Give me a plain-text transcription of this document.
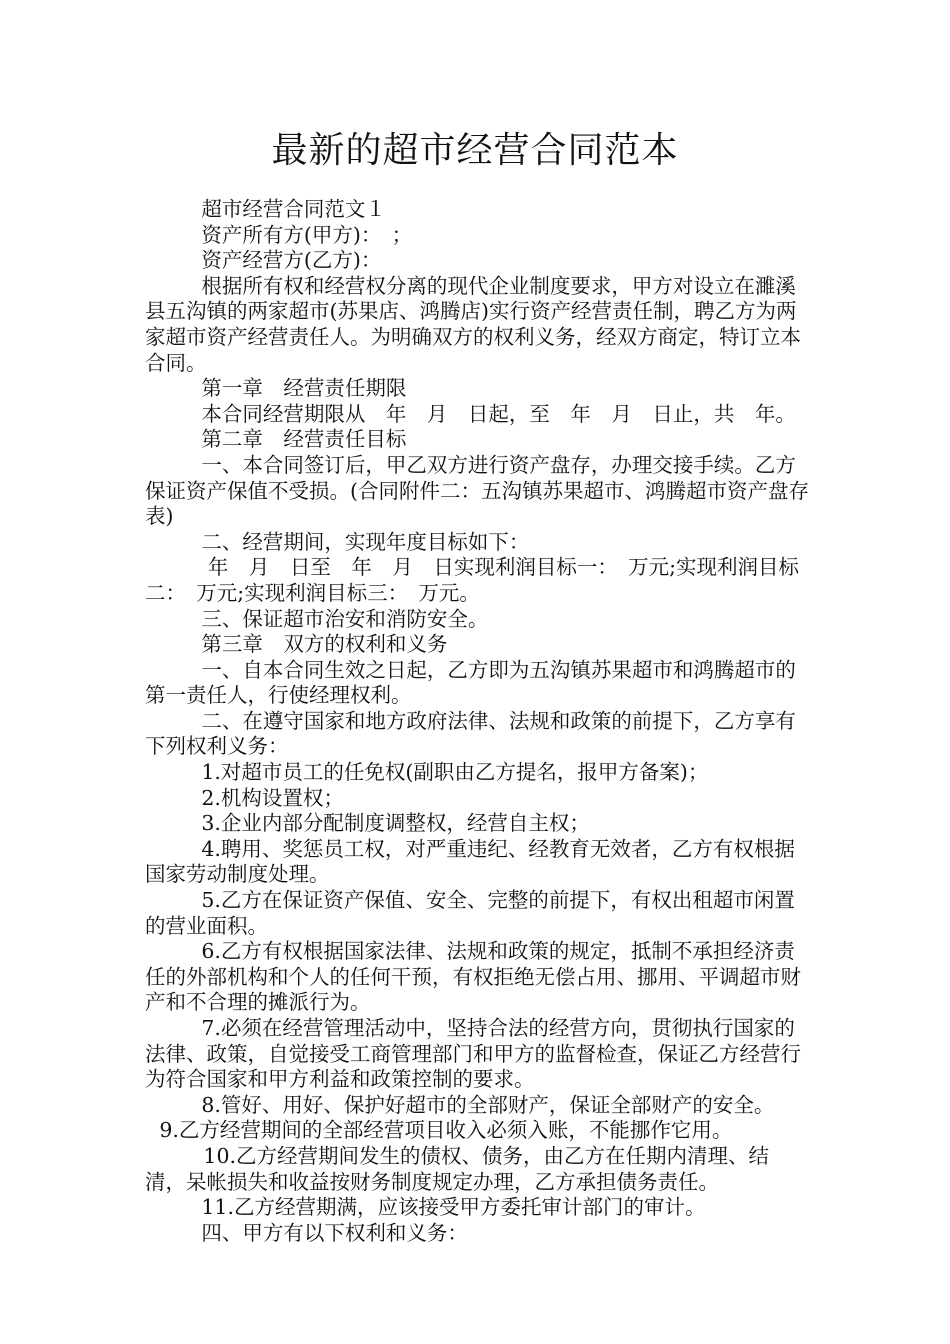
最新的超市经营合同范本

超市经营合同范文１

资产所有方(甲方)：　；

资产经营方(乙方)：

根据所有权和经营权分离的现代企业制度要求，甲方对设立在濉溪县五沟镇的两家超市(苏果店、鸿腾店)实行资产经营责任制，聘乙方为两家超市资产经营责任人。为明确双方的权利义务，经双方商定，特订立本合同。

第一章　经营责任期限

本合同经营期限从　年　月　日起，至　年　月　日止，共　年。

第二章　经营责任目标

一、本合同签订后，甲乙双方进行资产盘存，办理交接手续。乙方保证资产保值不受损。(合同附件二：五沟镇苏果超市、鸿腾超市资产盘存表)

二、经营期间，实现年度目标如下：

年　月　日至　年　月　日实现利润目标一：　万元;实现利润目标二：　万元;实现利润目标三：　万元。

三、保证超市治安和消防安全。

第三章　双方的权利和义务

一、自本合同生效之日起，乙方即为五沟镇苏果超市和鸿腾超市的第一责任人，行使经理权利。

二、在遵守国家和地方政府法律、法规和政策的前提下，乙方享有下列权利义务：

1.对超市员工的任免权(副职由乙方提名，报甲方备案)；

2.机构设置权；

3.企业内部分配制度调整权，经营自主权；

4.聘用、奖惩员工权，对严重违纪、经教育无效者，乙方有权根据国家劳动制度处理。

5.乙方在保证资产保值、安全、完整的前提下，有权出租超市闲置的营业面积。

6.乙方有权根据国家法律、法规和政策的规定，抵制不承担经济责任的外部机构和个人的任何干预，有权拒绝无偿占用、挪用、平调超市财产和不合理的摊派行为。

7.必须在经营管理活动中，坚持合法的经营方向，贯彻执行国家的法律、政策，自觉接受工商管理部门和甲方的监督检查，保证乙方经营行为符合国家和甲方利益和政策控制的要求。

8.管好、用好、保护好超市的全部财产，保证全部财产的安全。

9.乙方经营期间的全部经营项目收入必须入账，不能挪作它用。

10.乙方经营期间发生的债权、债务，由乙方在任期内清理、结清，呆帐损失和收益按财务制度规定办理，乙方承担债务责任。

11.乙方经营期满，应该接受甲方委托审计部门的审计。

四、甲方有以下权利和义务：
